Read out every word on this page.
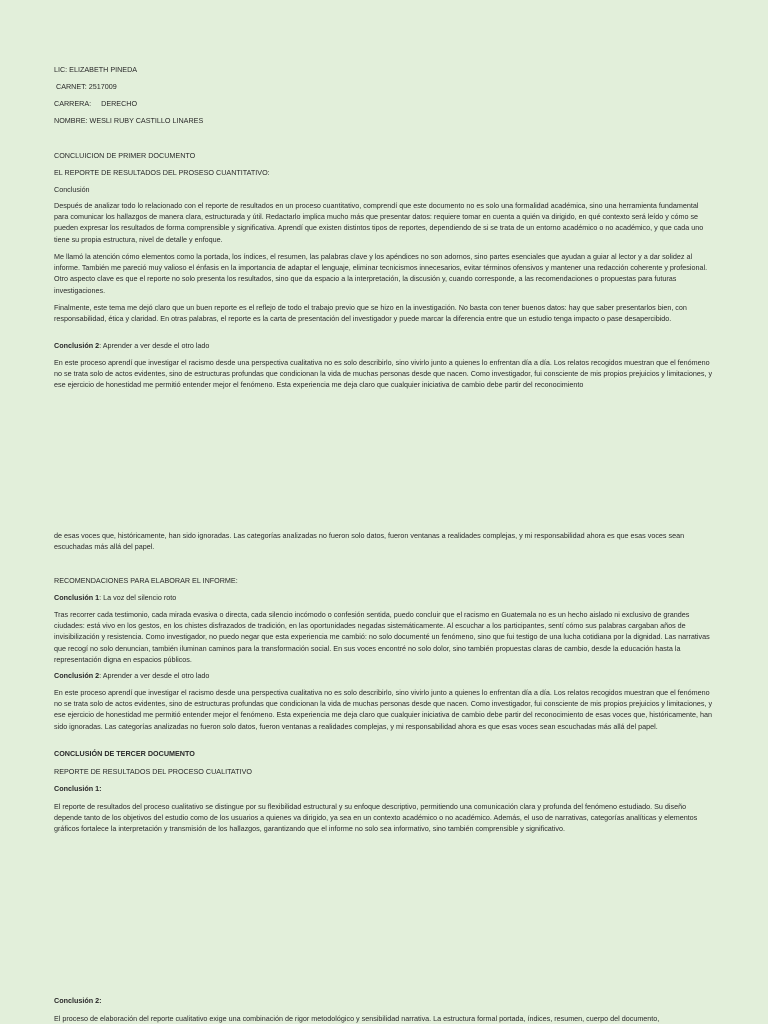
LIC: ELIZABETH PINEDA
CARNET: 2517009
CARRERA:     DERECHO
NOMBRE: WESLI RUBY CASTILLO LINARES
CONCLUICION DE PRIMER DOCUMENTO
EL REPORTE DE RESULTADOS DEL PROSESO CUANTITATIVO:
Conclusión
Después de analizar todo lo relacionado con el reporte de resultados en un proceso cuantitativo, comprendí que este documento no es solo una formalidad académica, sino una herramienta fundamental para comunicar los hallazgos de manera clara, estructurada y útil. Redactarlo implica mucho más que presentar datos: requiere tomar en cuenta a quién va dirigido, en qué contexto será leído y cómo se pueden expresar los resultados de forma comprensible y significativa. Aprendí que existen distintos tipos de reportes, dependiendo de si se trata de un entorno académico o no académico, y que cada uno tiene su propia estructura, nivel de detalle y enfoque.
Me llamó la atención cómo elementos como la portada, los índices, el resumen, las palabras clave y los apéndices no son adornos, sino partes esenciales que ayudan a guiar al lector y a dar solidez al informe. También me pareció muy valioso el énfasis en la importancia de adaptar el lenguaje, eliminar tecnicismos innecesarios, evitar términos ofensivos y mantener una redacción coherente y profesional. Otro aspecto clave es que el reporte no solo presenta los resultados, sino que da espacio a la interpretación, la discusión y, cuando corresponde, a las recomendaciones o propuestas para futuras investigaciones.
Finalmente, este tema me dejó claro que un buen reporte es el reflejo de todo el trabajo previo que se hizo en la investigación. No basta con tener buenos datos: hay que saber presentarlos bien, con responsabilidad, ética y claridad. En otras palabras, el reporte es la carta de presentación del investigador y puede marcar la diferencia entre que un estudio tenga impacto o pase desapercibido.
Conclusión 2: Aprender a ver desde el otro lado
En este proceso aprendí que investigar el racismo desde una perspectiva cualitativa no es solo describirlo, sino vivirlo junto a quienes lo enfrentan día a día. Los relatos recogidos muestran que el fenómeno no se trata solo de actos evidentes, sino de estructuras profundas que condicionan la vida de muchas personas desde que nacen. Como investigador, fui consciente de mis propios prejuicios y limitaciones, y ese ejercicio de honestidad me permitió entender mejor el fenómeno. Esta experiencia me deja claro que cualquier iniciativa de cambio debe partir del reconocimiento
de esas voces que, históricamente, han sido ignoradas. Las categorías analizadas no fueron solo datos, fueron ventanas a realidades complejas, y mi responsabilidad ahora es que esas voces sean escuchadas más allá del papel.
RECOMENDACIONES PARA ELABORAR EL INFORME:
Conclusión 1: La voz del silencio roto
Tras recorrer cada testimonio, cada mirada evasiva o directa, cada silencio incómodo o confesión sentida, puedo concluir que el racismo en Guatemala no es un hecho aislado ni exclusivo de grandes ciudades: está vivo en los gestos, en los chistes disfrazados de tradición, en las oportunidades negadas sistemáticamente. Al escuchar a los participantes, sentí cómo sus palabras cargaban años de invisibilización y resistencia. Como investigador, no puedo negar que esta experiencia me cambió: no solo documenté un fenómeno, sino que fui testigo de una lucha cotidiana por la dignidad. Las narrativas que recogí no solo denuncian, también iluminan caminos para la transformación social. En sus voces encontré no solo dolor, sino también propuestas claras de cambio, desde la educación hasta la representación digna en espacios públicos.
Conclusión 2: Aprender a ver desde el otro lado
En este proceso aprendí que investigar el racismo desde una perspectiva cualitativa no es solo describirlo, sino vivirlo junto a quienes lo enfrentan día a día. Los relatos recogidos muestran que el fenómeno no se trata solo de actos evidentes, sino de estructuras profundas que condicionan la vida de muchas personas desde que nacen. Como investigador, fui consciente de mis propios prejuicios y limitaciones, y ese ejercicio de honestidad me permitió entender mejor el fenómeno. Esta experiencia me deja claro que cualquier iniciativa de cambio debe partir del reconocimiento de esas voces que, históricamente, han sido ignoradas. Las categorías analizadas no fueron solo datos, fueron ventanas a realidades complejas, y mi responsabilidad ahora es que esas voces sean escuchadas más allá del papel.
CONCLUSIÓN DE TERCER DOCUMENTO
REPORTE DE RESULTADOS DEL PROCESO CUALITATIVO
Conclusión 1:
El reporte de resultados del proceso cualitativo se distingue por su flexibilidad estructural y su enfoque descriptivo, permitiendo una comunicación clara y profunda del fenómeno estudiado. Su diseño depende tanto de los objetivos del estudio como de los usuarios a quienes va dirigido, ya sea en un contexto académico o no académico. Además, el uso de narrativas, categorías analíticas y elementos gráficos fortalece la interpretación y transmisión de los hallazgos, garantizando que el informe no solo sea informativo, sino también comprensible y significativo.
Conclusión 2:
El proceso de elaboración del reporte cualitativo exige una combinación de rigor metodológico y sensibilidad narrativa. La estructura formal portada, índices, resumen, cuerpo del documento,
